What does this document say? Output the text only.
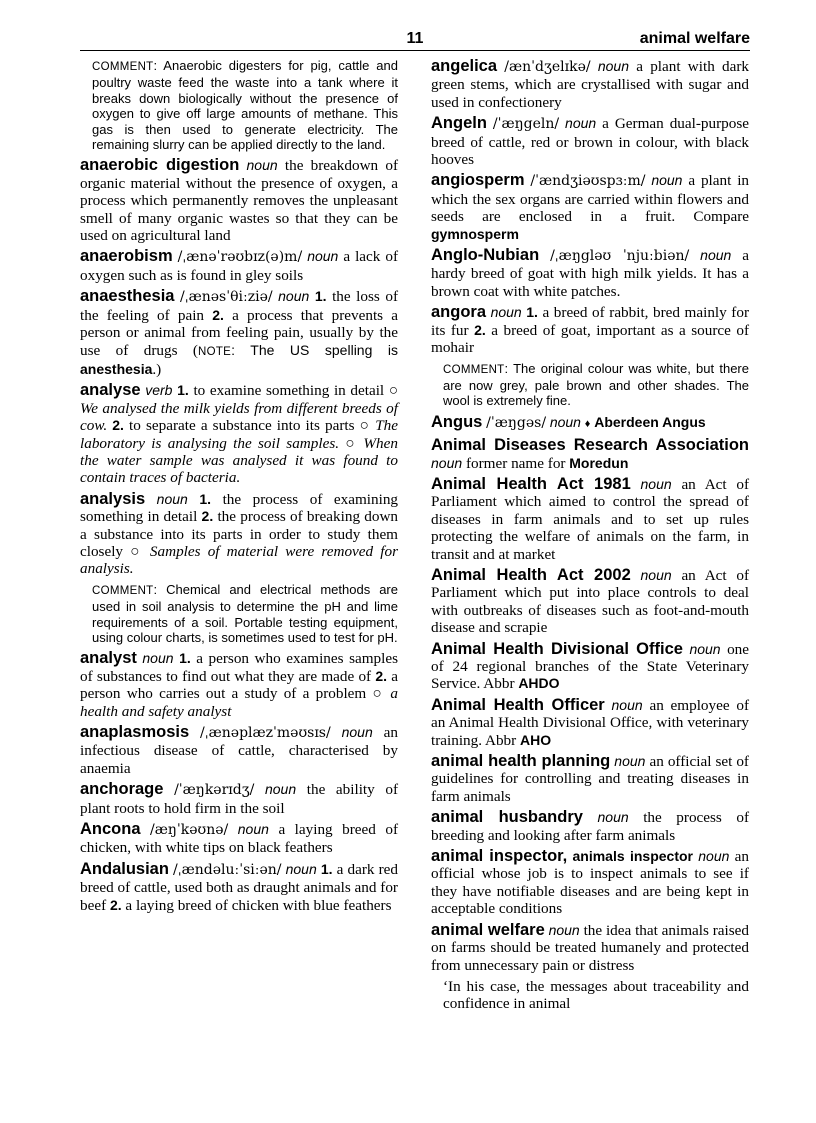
11	animal welfare

COMMENT: Anaerobic digesters for pig, cattle and poultry waste feed the waste into a tank where it breaks down biologically without the presence of oxygen to give off large amounts of methane. This gas is then used to generate electricity. The remaining slurry can be applied directly to the land.

anaerobic digestion noun the breakdown of organic material without the presence of oxygen, a process which permanently removes the unpleasant smell of many organic wastes so that they can be used on agricultural land

anaerobism /ˌænəˈrəʊbɪz(ə)m/ noun a lack of oxygen such as is found in gley soils

anaesthesia /ˌænəsˈθiːziə/ noun 1. the loss of the feeling of pain 2. a process that prevents a person or animal from feeling pain, usually by the use of drugs (NOTE: The US spelling is anesthesia.)

analyse verb 1. to examine something in detail ○ We analysed the milk yields from different breeds of cow. 2. to separate a substance into its parts ○ The laboratory is analysing the soil samples. ○ When the water sample was analysed it was found to contain traces of bacteria.

analysis noun 1. the process of examining something in detail 2. the process of breaking down a substance into its parts in order to study them closely ○ Samples of material were removed for analysis.

COMMENT: Chemical and electrical methods are used in soil analysis to determine the pH and lime requirements of a soil. Portable testing equipment, using colour charts, is sometimes used to test for pH.

analyst noun 1. a person who examines samples of substances to find out what they are made of 2. a person who carries out a study of a problem ○ a health and safety analyst

anaplasmosis /ˌænəplæzˈməʊsɪs/ noun an infectious disease of cattle, characterised by anaemia

anchorage /ˈæŋkərɪdʒ/ noun the ability of plant roots to hold firm in the soil

Ancona /æŋˈkəʊnə/ noun a laying breed of chicken, with white tips on black feathers

Andalusian /ˌændəluːˈsiːən/ noun 1. a dark red breed of cattle, used both as draught animals and for beef 2. a laying breed of chicken with blue feathers

angelica /ænˈdʒelɪkə/ noun a plant with dark green stems, which are crystallised with sugar and used in confectionery

Angeln /ˈæŋgeln/ noun a German dual-purpose breed of cattle, red or brown in colour, with black hooves

angiosperm /ˈændʒiəʊspɜːm/ noun a plant in which the sex organs are carried within flowers and seeds are enclosed in a fruit. Compare gymnosperm

Anglo-Nubian /ˌæŋgləʊ ˈnjuːbiən/ noun a hardy breed of goat with high milk yields. It has a brown coat with white patches.

angora noun 1. a breed of rabbit, bred mainly for its fur 2. a breed of goat, important as a source of mohair

COMMENT: The original colour was white, but there are now grey, pale brown and other shades. The wool is extremely fine.

Angus /ˈæŋgəs/ noun ♦ Aberdeen Angus

Animal Diseases Research Association noun former name for Moredun

Animal Health Act 1981 noun an Act of Parliament which aimed to control the spread of diseases in farm animals and to set up rules protecting the welfare of animals on the farm, in transit and at market

Animal Health Act 2002 noun an Act of Parliament which put into place controls to deal with outbreaks of diseases such as foot-and-mouth disease and scrapie

Animal Health Divisional Office noun one of 24 regional branches of the State Veterinary Service. Abbr AHDO

Animal Health Officer noun an employee of an Animal Health Divisional Office, with veterinary training. Abbr AHO

animal health planning noun an official set of guidelines for controlling and treating diseases in farm animals

animal husbandry noun the process of breeding and looking after farm animals

animal inspector, animals inspector noun an official whose job is to inspect animals to see if they have notifiable diseases and are being kept in acceptable conditions

animal welfare noun the idea that animals raised on farms should be treated humanely and protected from unnecessary pain or distress

‘In his case, the messages about traceability and confidence in animal
